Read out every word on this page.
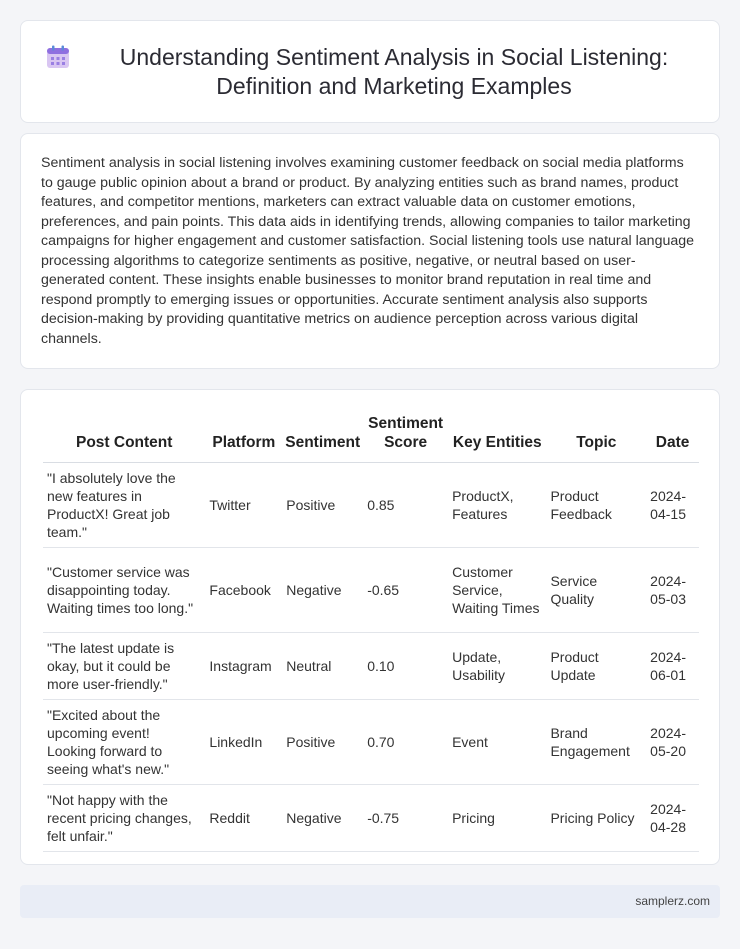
Understanding Sentiment Analysis in Social Listening: Definition and Marketing Examples

Sentiment analysis in social listening involves examining customer feedback on social media platforms to gauge public opinion about a brand or product. By analyzing entities such as brand names, product features, and competitor mentions, marketers can extract valuable data on customer emotions, preferences, and pain points. This data aids in identifying trends, allowing companies to tailor marketing campaigns for higher engagement and customer satisfaction. Social listening tools use natural language processing algorithms to categorize sentiments as positive, negative, or neutral based on user-generated content. These insights enable businesses to monitor brand reputation in real time and respond promptly to emerging issues or opportunities. Accurate sentiment analysis also supports decision-making by providing quantitative metrics on audience perception across various digital channels.

Post Content	Platform	Sentiment	Sentiment Score	Key Entities	Topic	Date
"I absolutely love the new features in ProductX! Great job team."	Twitter	Positive	0.85	ProductX, Features	Product Feedback	2024-04-15
"Customer service was disappointing today. Waiting times too long."	Facebook	Negative	-0.65	Customer Service, Waiting Times	Service Quality	2024-05-03
"The latest update is okay, but it could be more user-friendly."	Instagram	Neutral	0.10	Update, Usability	Product Update	2024-06-01
"Excited about the upcoming event! Looking forward to seeing what's new."	LinkedIn	Positive	0.70	Event	Brand Engagement	2024-05-20
"Not happy with the recent pricing changes, felt unfair."	Reddit	Negative	-0.75	Pricing	Pricing Policy	2024-04-28
samplerz.com
